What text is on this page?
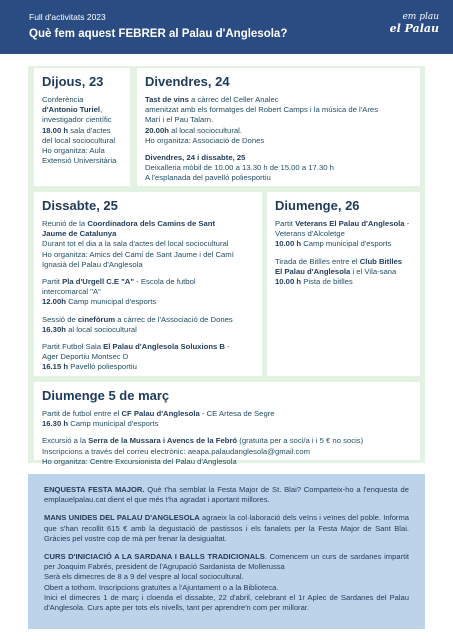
Full d'activitats 2023
Què fem aquest FEBRER al Palau d'Anglesola?
em plau
el Palau
Dijous, 23

Conferència
d'Antonio Turiel,
investigador científic
18.00 h sala d'actes
del local sociocultural
Ho organitza: Aula
Extensió Universitària

Divendres, 24

Tast de vins a càrrec del Celler Analec
amenitzat amb els formatges del Robert Camps i la música de l'Ares
Marí i el Pau Talarn.
20.00h al local sociocultural.
Ho organitza: Associació de Dones

Divendres, 24 i dissabte, 25
Deixalleria mòbil de 10.00 a 13.30 h de 15.00 a 17.30 h
A l'esplanada del pavelló poliesportiu

Dissabte, 25

Reunió de la Coordinadora dels Camins de Sant
Jaume de Catalunya
Durant tot el dia a la sala d'actes del local sociocultural
Ho organitza: Amics del Camí de Sant Jaume i del Camí
Ignasià del Palau d'Anglesola

Partit Pla d'Urgell C.E "A" - Escola de futbol
intercomarcal "A"
12.00h Camp municipal d'esports

Sessió de cinefòrum a càrrec de l'Associació de Dones
16.30h al local sociocultural

Partit Futbol Sala El Palau d'Anglesola Soluxions B -
Ager Deportiu Montsec D
16.15 h Pavelló poliesportiu

Diumenge, 26

Partit Veterans El Palau d'Anglesola -
Veterans d'Alcoletge
10.00 h Camp municipal d'esports

Tirada de Bitlles entre el Club Bitlles
El Palau d'Anglesola i el Vila-sana
10.00 h Pista de bitlles

Diumenge 5 de març

Partit de futbol entre el CF Palau d'Anglesola - CE Artesa de Segre
16.30 h Camp municipal d'esports

Excursió a la Serra de la Mussara i Avencs de la Febró (gratuïta per a soci/a i i 5 € no socis)
Inscripcions a través del correu electrònic: aeapa.palaudanglesola@gmail.com
Ho organitza: Centre Excursionista del Palau d'Anglesola

ENQUESTA FESTA MAJOR. Què t'ha semblat la Festa Major de St. Blai? Comparteix-ho a l'enquesta de emplauelpalau.cat dient el que més t'ha agradat i aportant millores.

MANS UNIDES DEL PALAU D'ANGLESOLA agraeix la col·laboració dels veïns i veïnes del poble. Informa que s'han recollit 615 € amb la degustació de pastissos i els fanalets per la Festa Major de Sant Blai. Gràcies pel vostre cop de mà per frenar la desigualtat.

CURS D'INICIACIÓ A LA SARDANA I BALLS TRADICIONALS. Comencem un curs de sardanes impartit per Joaquim Fabrés, president de l'Agrupació Sardanista de Mollerussa
Serà els dimecres de 8 a 9 del vespre al local sociocultural.
Obert a tothom. Inscripcions gratuïtes a l'Ajuntament o a la Biblioteca.
Inici el dimecres 1 de març i cloenda el dissabte, 22 d'abril, celebrant el 1r Aplec de Sardanes del Palau d'Anglesola. Curs apte per tots els nivells, tant per aprendre'n com per millorar.
